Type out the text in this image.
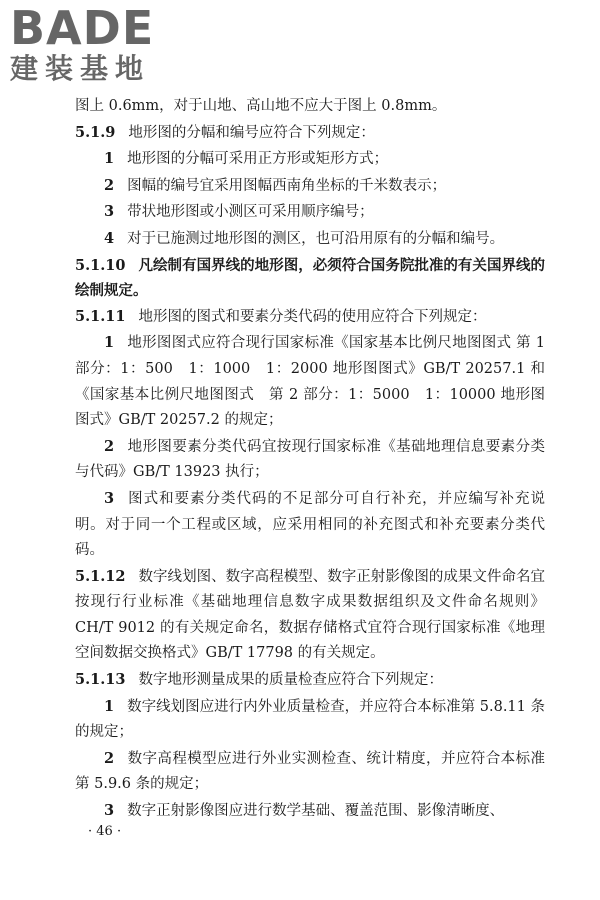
BADE
建装基地

图上 0.6mm，对于山地、高山地不应大于图上 0.8mm。

5.1.9 地形图的分幅和编号应符合下列规定：

1 地形图的分幅可采用正方形或矩形方式；

2 图幅的编号宜采用图幅西南角坐标的千米数表示；

3 带状地形图或小测区可采用顺序编号；

4 对于已施测过地形图的测区，也可沿用原有的分幅和编号。

5.1.10 凡绘制有国界线的地形图，必须符合国务院批准的有关国界线的绘制规定。

5.1.11 地形图的图式和要素分类代码的使用应符合下列规定：

1 地形图图式应符合现行国家标准《国家基本比例尺地图图式 第 1 部分：1：500　1：1000　1：2000 地形图图式》GB/T 20257.1 和《国家基本比例尺地图图式　第 2 部分：1：5000　1：10000 地形图图式》GB/T 20257.2 的规定；

2 地形图要素分类代码宜按现行国家标准《基础地理信息要素分类与代码》GB/T 13923 执行；

3 图式和要素分类代码的不足部分可自行补充，并应编写补充说明。对于同一个工程或区域，应采用相同的补充图式和补充要素分类代码。

5.1.12 数字线划图、数字高程模型、数字正射影像图的成果文件命名宜按现行行业标准《基础地理信息数字成果数据组织及文件命名规则》CH/T 9012 的有关规定命名，数据存储格式宜符合现行国家标准《地理空间数据交换格式》GB/T 17798 的有关规定。

5.1.13 数字地形测量成果的质量检查应符合下列规定：

1 数字线划图应进行内外业质量检查，并应符合本标准第 5.8.11 条的规定；

2 数字高程模型应进行外业实测检查、统计精度，并应符合本标准第 5.9.6 条的规定；

3 数字正射影像图应进行数学基础、覆盖范围、影像清晰度、

· 46 ·
